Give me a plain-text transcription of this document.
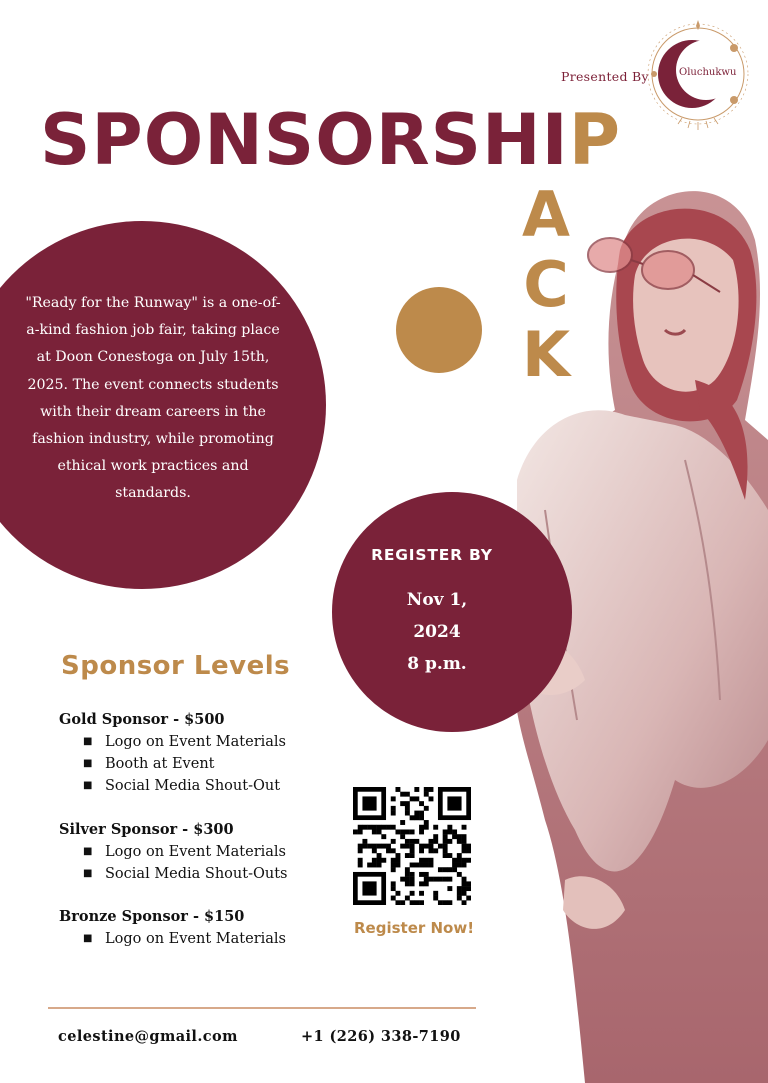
Presented By	Oluchukwu
SPONSORSHIP
A
C
K
"Ready for the Runway" is a one-of-a-kind fashion job fair, taking place at Doon Conestoga on July 15th, 2025. The event connects students with their dream careers in the fashion industry, while promoting ethical work practices and standards.
REGISTER BY
Nov 1,
2024
8 p.m.
Sponsor Levels
Gold Sponsor - $500
■ Logo on Event Materials
■ Booth at Event
■ Social Media Shout-Out
Silver Sponsor - $300
■ Logo on Event Materials
■ Social Media Shout-Outs
Bronze Sponsor - $150
■ Logo on Event Materials
Register Now!
celestine@gmail.com	+1 (226) 338-7190
